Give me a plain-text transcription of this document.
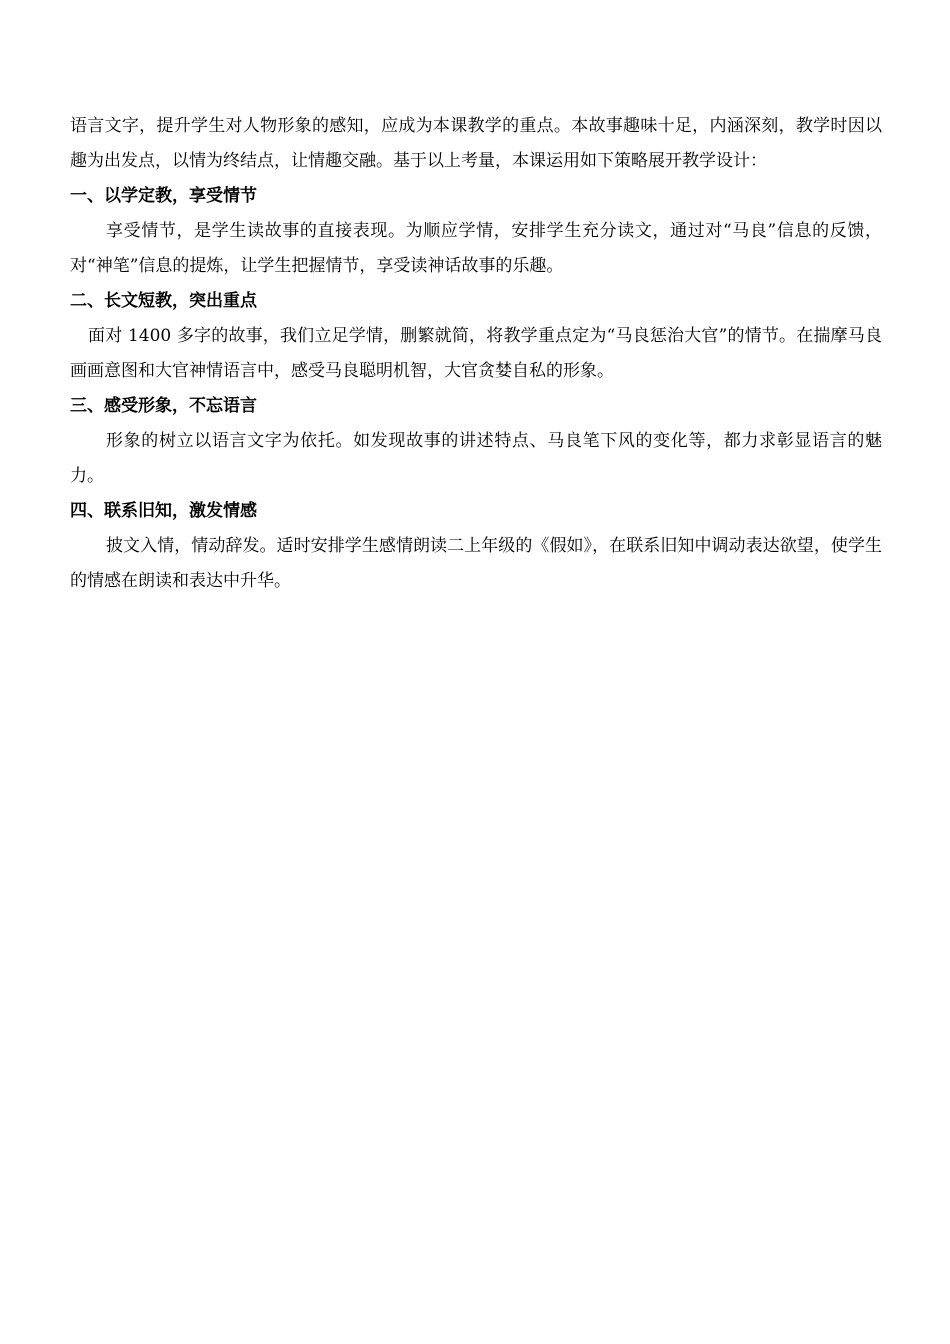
语言文字，提升学生对人物形象的感知，应成为本课教学的重点。本故事趣味十足，内涵深刻，教学时因以趣为出发点，以情为终结点，让情趣交融。基于以上考量，本课运用如下策略展开教学设计：

一、以学定教，享受情节

享受情节，是学生读故事的直接表现。为顺应学情，安排学生充分读文，通过对“马良”信息的反馈，对“神笔”信息的提炼，让学生把握情节，享受读神话故事的乐趣。

二、长文短教，突出重点

面对 1400 多字的故事，我们立足学情，删繁就简，将教学重点定为“马良惩治大官”的情节。在揣摩马良画画意图和大官神情语言中，感受马良聪明机智，大官贪婪自私的形象。

三、感受形象，不忘语言

形象的树立以语言文字为依托。如发现故事的讲述特点、马良笔下风的变化等，都力求彰显语言的魅力。

四、联系旧知，激发情感

披文入情，情动辞发。适时安排学生感情朗读二上年级的《假如》，在联系旧知中调动表达欲望，使学生的情感在朗读和表达中升华。
